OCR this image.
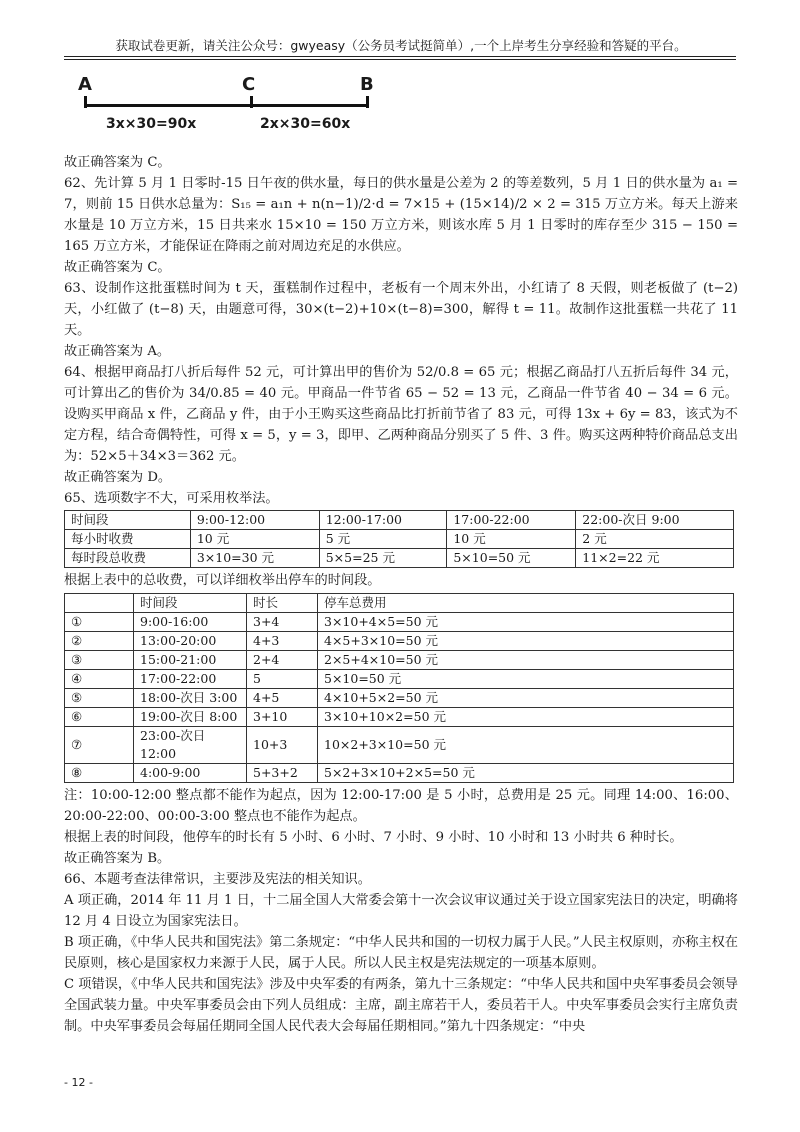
获取试卷更新，请关注公众号：gwyeasy（公务员考试挺简单）,一个上岸考生分享经验和答疑的平台。
A	C	B
3x×30=90x	2x×30=60x

故正确答案为 C。

62、先计算 5 月 1 日零时-15 日午夜的供水量，每日的供水量是公差为 2 的等差数列，5 月 1 日的供水量为 a₁ = 7，则前 15 日供水总量为：S₁₅ = a₁n + n(n−1)/2·d = 7×15 + (15×14)/2 × 2 = 315 万立方米。每天上游来水量是 10 万立方米，15 日共来水 15×10 = 150 万立方米，则该水库 5 月 1 日零时的库存至少 315 − 150 = 165 万立方米，才能保证在降雨之前对周边充足的水供应。

故正确答案为 C。

63、设制作这批蛋糕时间为 t 天，蛋糕制作过程中，老板有一个周末外出，小红请了 8 天假，则老板做了 (t−2) 天，小红做了 (t−8) 天，由题意可得，30×(t−2)+10×(t−8)=300，解得 t = 11。故制作这批蛋糕一共花了 11 天。

故正确答案为 A。

64、根据甲商品打八折后每件 52 元，可计算出甲的售价为 52/0.8 = 65 元；根据乙商品打八五折后每件 34 元，可计算出乙的售价为 34/0.85 = 40 元。甲商品一件节省 65 − 52 = 13 元，乙商品一件节省 40 − 34 = 6 元。设购买甲商品 x 件，乙商品 y 件，由于小王购买这些商品比打折前节省了 83 元，可得 13x + 6y = 83，该式为不定方程，结合奇偶特性，可得 x = 5，y = 3，即甲、乙两种商品分别买了 5 件、3 件。购买这两种特价商品总支出为：52×5＋34×3＝362 元。

故正确答案为 D。

65、选项数字不大，可采用枚举法。

时间段	9:00-12:00	12:00-17:00	17:00-22:00	22:00-次日 9:00
每小时收费	10 元	5 元	10 元	2 元
每时段总收费	3×10=30 元	5×5=25 元	5×10=50 元	11×2=22 元

根据上表中的总收费，可以详细枚举出停车的时间段。

	时间段	时长	停车总费用
①	9:00-16:00	3+4	3×10+4×5=50 元
②	13:00-20:00	4+3	4×5+3×10=50 元
③	15:00-21:00	2+4	2×5+4×10=50 元
④	17:00-22:00	5	5×10=50 元
⑤	18:00-次日 3:00	4+5	4×10+5×2=50 元
⑥	19:00-次日 8:00	3+10	3×10+10×2=50 元
⑦	23:00-次日 12:00	10+3	10×2+3×10=50 元
⑧	4:00-9:00	5+3+2	5×2+3×10+2×5=50 元

注：10:00-12:00 整点都不能作为起点，因为 12:00-17:00 是 5 小时，总费用是 25 元。同理 14:00、16:00、20:00-22:00、00:00-3:00 整点也不能作为起点。

根据上表的时间段，他停车的时长有 5 小时、6 小时、7 小时、9 小时、10 小时和 13 小时共 6 种时长。

故正确答案为 B。

66、本题考查法律常识，主要涉及宪法的相关知识。

A 项正确，2014 年 11 月 1 日，十二届全国人大常委会第十一次会议审议通过关于设立国家宪法日的决定，明确将 12 月 4 日设立为国家宪法日。

B 项正确，《中华人民共和国宪法》第二条规定：“中华人民共和国的一切权力属于人民。”人民主权原则，亦称主权在民原则，核心是国家权力来源于人民，属于人民。所以人民主权是宪法规定的一项基本原则。

C 项错误，《中华人民共和国宪法》涉及中央军委的有两条，第九十三条规定：“中华人民共和国中央军事委员会领导全国武装力量。中央军事委员会由下列人员组成：主席，副主席若干人，委员若干人。中央军事委员会实行主席负责制。中央军事委员会每届任期同全国人民代表大会每届任期相同。”第九十四条规定：“中央

- 12 -
